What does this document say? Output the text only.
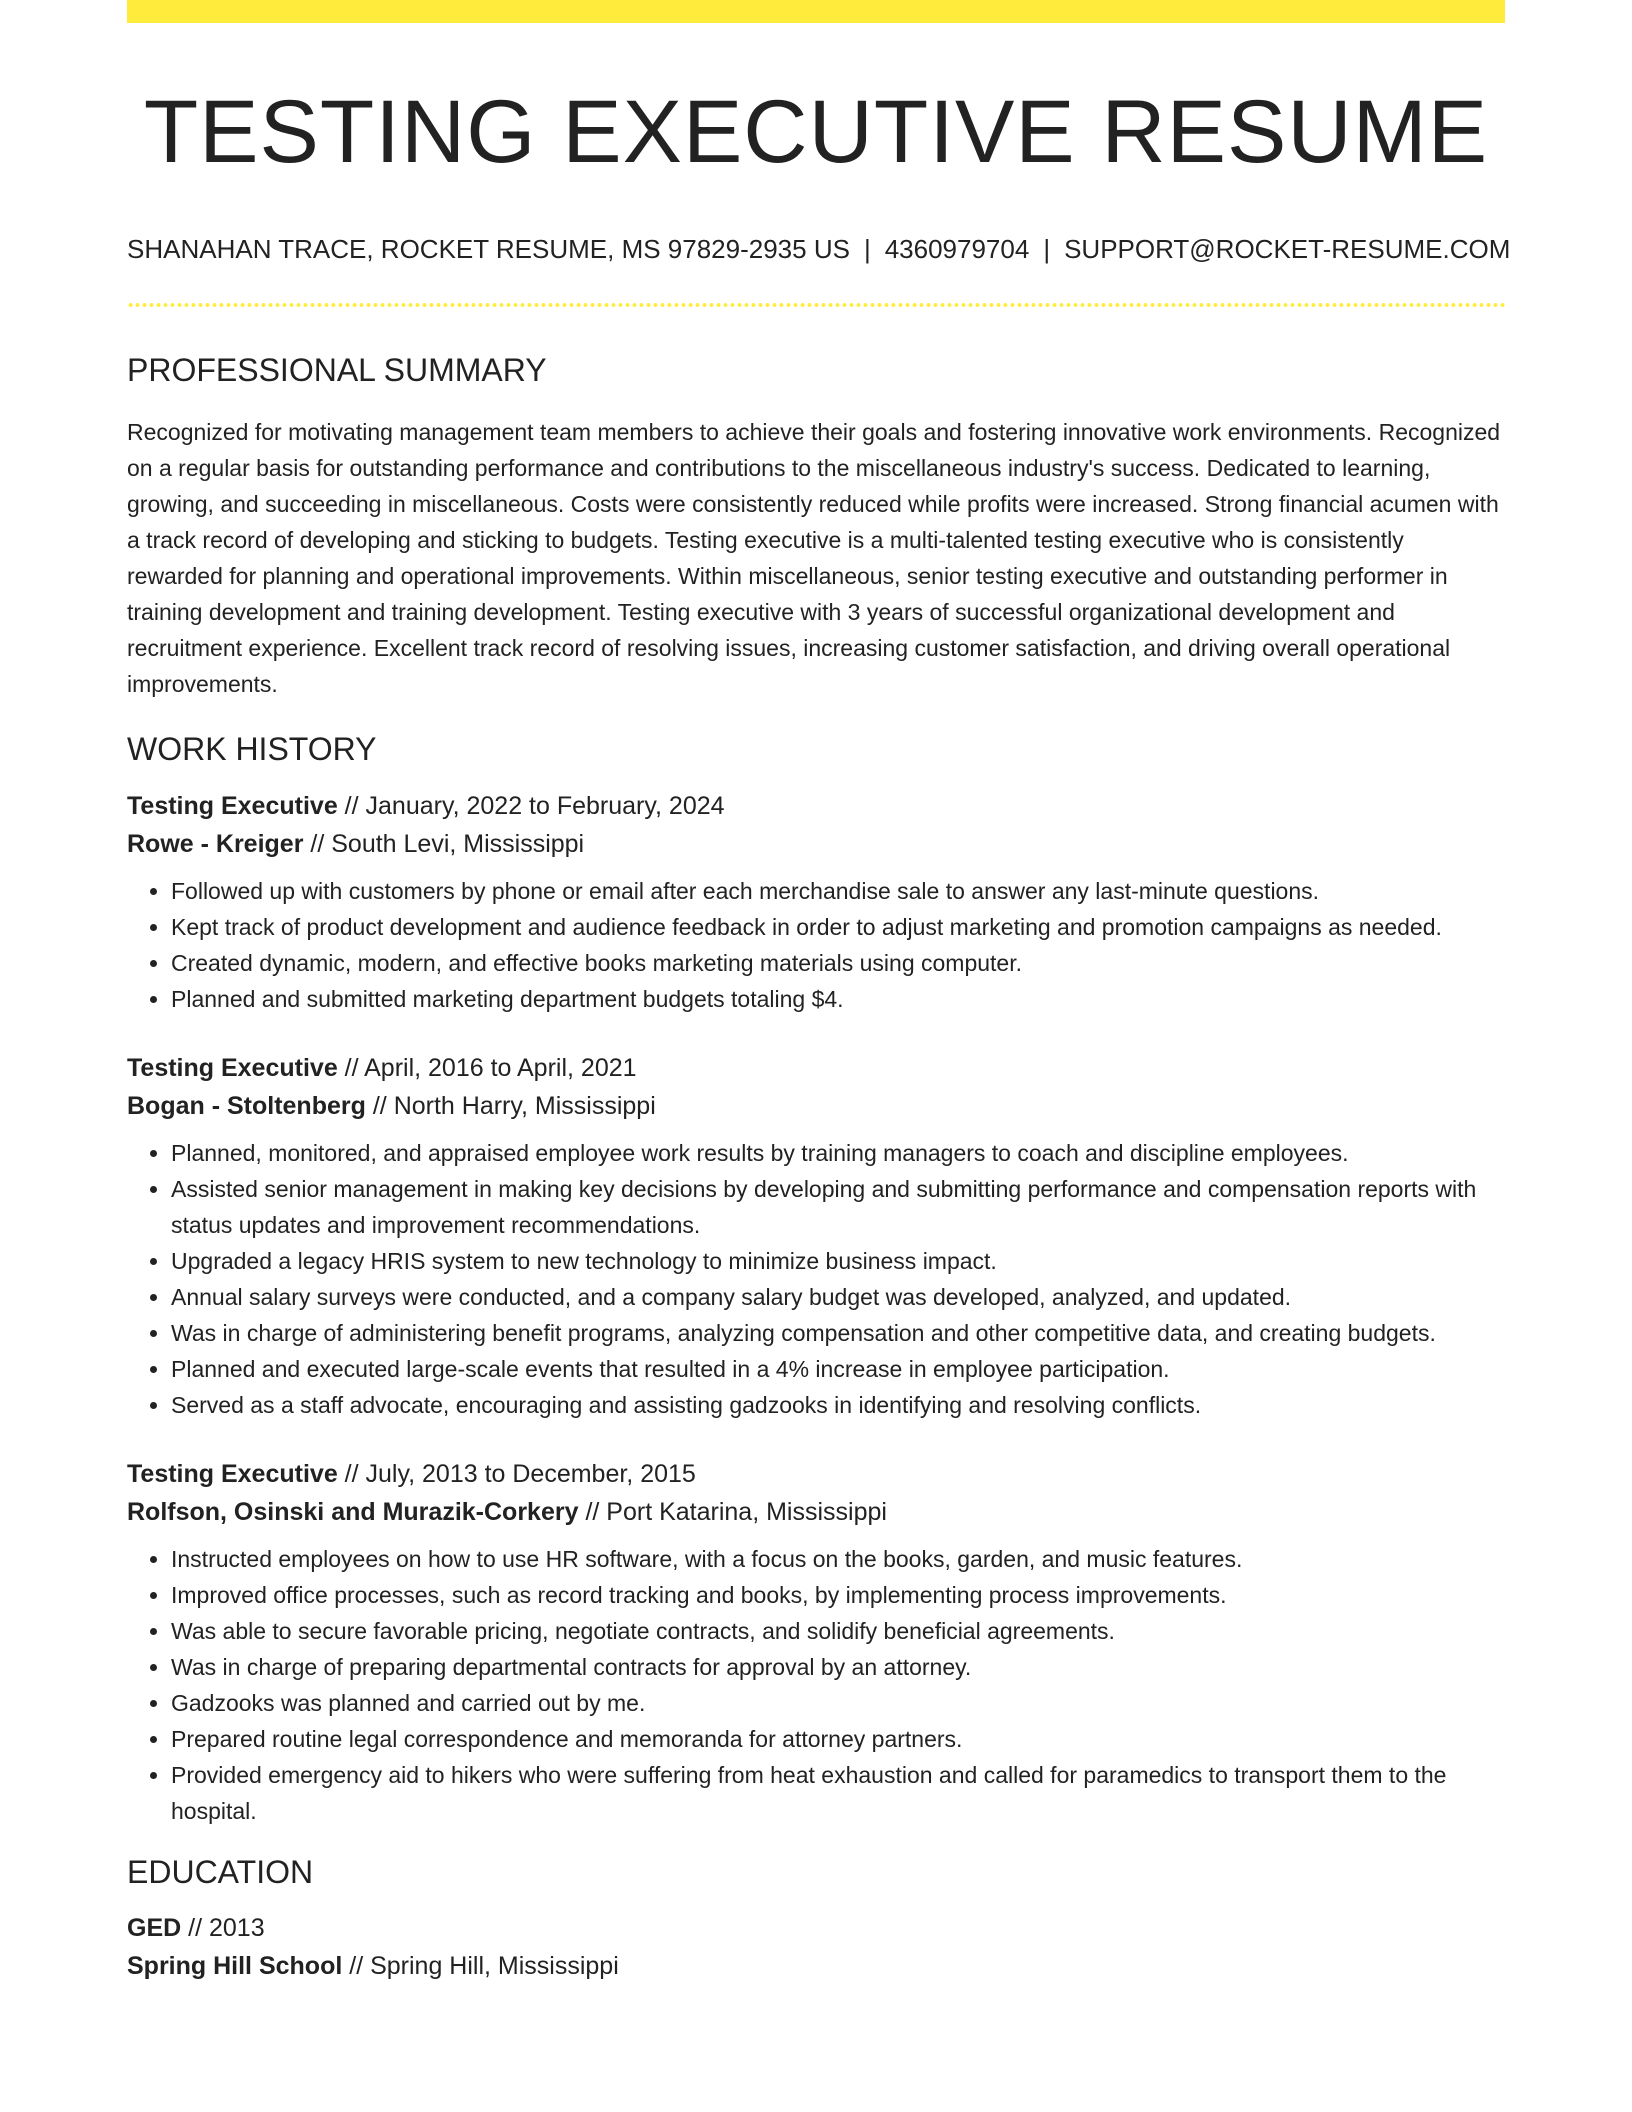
TESTING EXECUTIVE RESUME
SHANAHAN TRACE, ROCKET RESUME, MS 97829-2935 US | 4360979704 | SUPPORT@ROCKET-RESUME.COM
PROFESSIONAL SUMMARY

Recognized for motivating management team members to achieve their goals and fostering innovative work environments. Recognized on a regular basis for outstanding performance and contributions to the miscellaneous industry's success. Dedicated to learning, growing, and succeeding in miscellaneous. Costs were consistently reduced while profits were increased. Strong financial acumen with a track record of developing and sticking to budgets. Testing executive is a multi-talented testing executive who is consistently rewarded for planning and operational improvements. Within miscellaneous, senior testing executive and outstanding performer in training development and training development. Testing executive with 3 years of successful organizational development and recruitment experience. Excellent track record of resolving issues, increasing customer satisfaction, and driving overall operational improvements.

WORK HISTORY
Testing Executive // January, 2022 to February, 2024
Rowe - Kreiger // South Levi, Mississippi
• Followed up with customers by phone or email after each merchandise sale to answer any last-minute questions.
• Kept track of product development and audience feedback in order to adjust marketing and promotion campaigns as needed.
• Created dynamic, modern, and effective books marketing materials using computer.
• Planned and submitted marketing department budgets totaling $4.
Testing Executive // April, 2016 to April, 2021
Bogan - Stoltenberg // North Harry, Mississippi
• Planned, monitored, and appraised employee work results by training managers to coach and discipline employees.
• Assisted senior management in making key decisions by developing and submitting performance and compensation reports with status updates and improvement recommendations.
• Upgraded a legacy HRIS system to new technology to minimize business impact.
• Annual salary surveys were conducted, and a company salary budget was developed, analyzed, and updated.
• Was in charge of administering benefit programs, analyzing compensation and other competitive data, and creating budgets.
• Planned and executed large-scale events that resulted in a 4% increase in employee participation.
• Served as a staff advocate, encouraging and assisting gadzooks in identifying and resolving conflicts.
Testing Executive // July, 2013 to December, 2015
Rolfson, Osinski and Murazik-Corkery // Port Katarina, Mississippi
• Instructed employees on how to use HR software, with a focus on the books, garden, and music features.
• Improved office processes, such as record tracking and books, by implementing process improvements.
• Was able to secure favorable pricing, negotiate contracts, and solidify beneficial agreements.
• Was in charge of preparing departmental contracts for approval by an attorney.
• Gadzooks was planned and carried out by me.
• Prepared routine legal correspondence and memoranda for attorney partners.
• Provided emergency aid to hikers who were suffering from heat exhaustion and called for paramedics to transport them to the hospital.
EDUCATION
GED // 2013
Spring Hill School // Spring Hill, Mississippi
